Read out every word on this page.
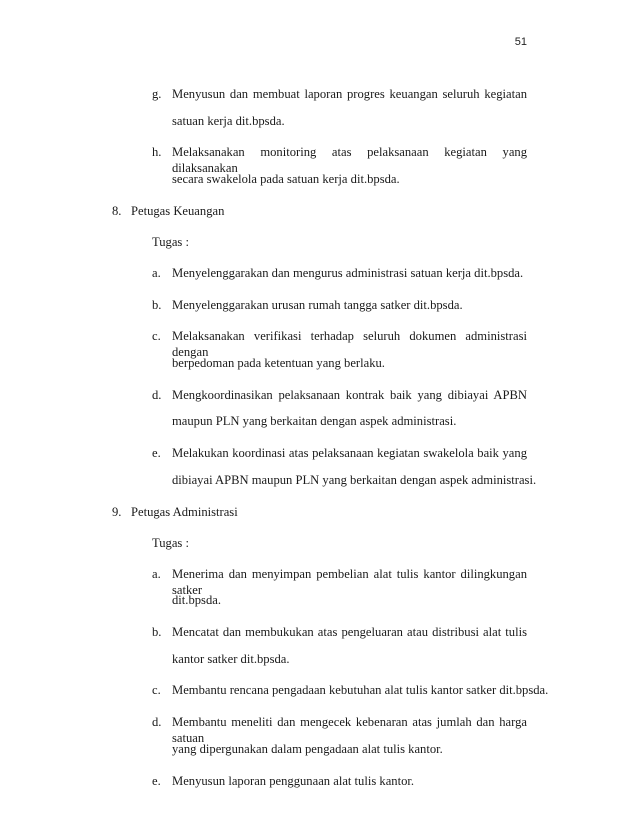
51
g. Menyusun dan membuat laporan progres keuangan seluruh kegiatan
satuan kerja dit.bpsda.
h. Melaksanakan monitoring atas pelaksanaan kegiatan yang dilaksanakan
secara swakelola pada satuan kerja dit.bpsda.
8. Petugas Keuangan
Tugas :
a. Menyelenggarakan dan mengurus administrasi satuan kerja dit.bpsda.
b. Menyelenggarakan urusan rumah tangga satker dit.bpsda.
c. Melaksanakan verifikasi terhadap seluruh dokumen administrasi dengan
berpedoman pada ketentuan yang berlaku.
d. Mengkoordinasikan pelaksanaan kontrak baik yang dibiayai APBN
maupun PLN yang berkaitan dengan aspek administrasi.
e. Melakukan koordinasi atas pelaksanaan kegiatan swakelola baik yang
dibiayai APBN maupun PLN yang berkaitan dengan aspek administrasi.
9. Petugas Administrasi
Tugas :
a. Menerima dan menyimpan pembelian alat tulis kantor dilingkungan satker
dit.bpsda.
b. Mencatat dan membukukan atas pengeluaran atau distribusi alat tulis
kantor satker dit.bpsda.
c. Membantu rencana pengadaan kebutuhan alat tulis kantor satker dit.bpsda.
d. Membantu meneliti dan mengecek kebenaran atas jumlah dan harga satuan
yang dipergunakan dalam pengadaan alat tulis kantor.
e. Menyusun laporan penggunaan alat tulis kantor.
